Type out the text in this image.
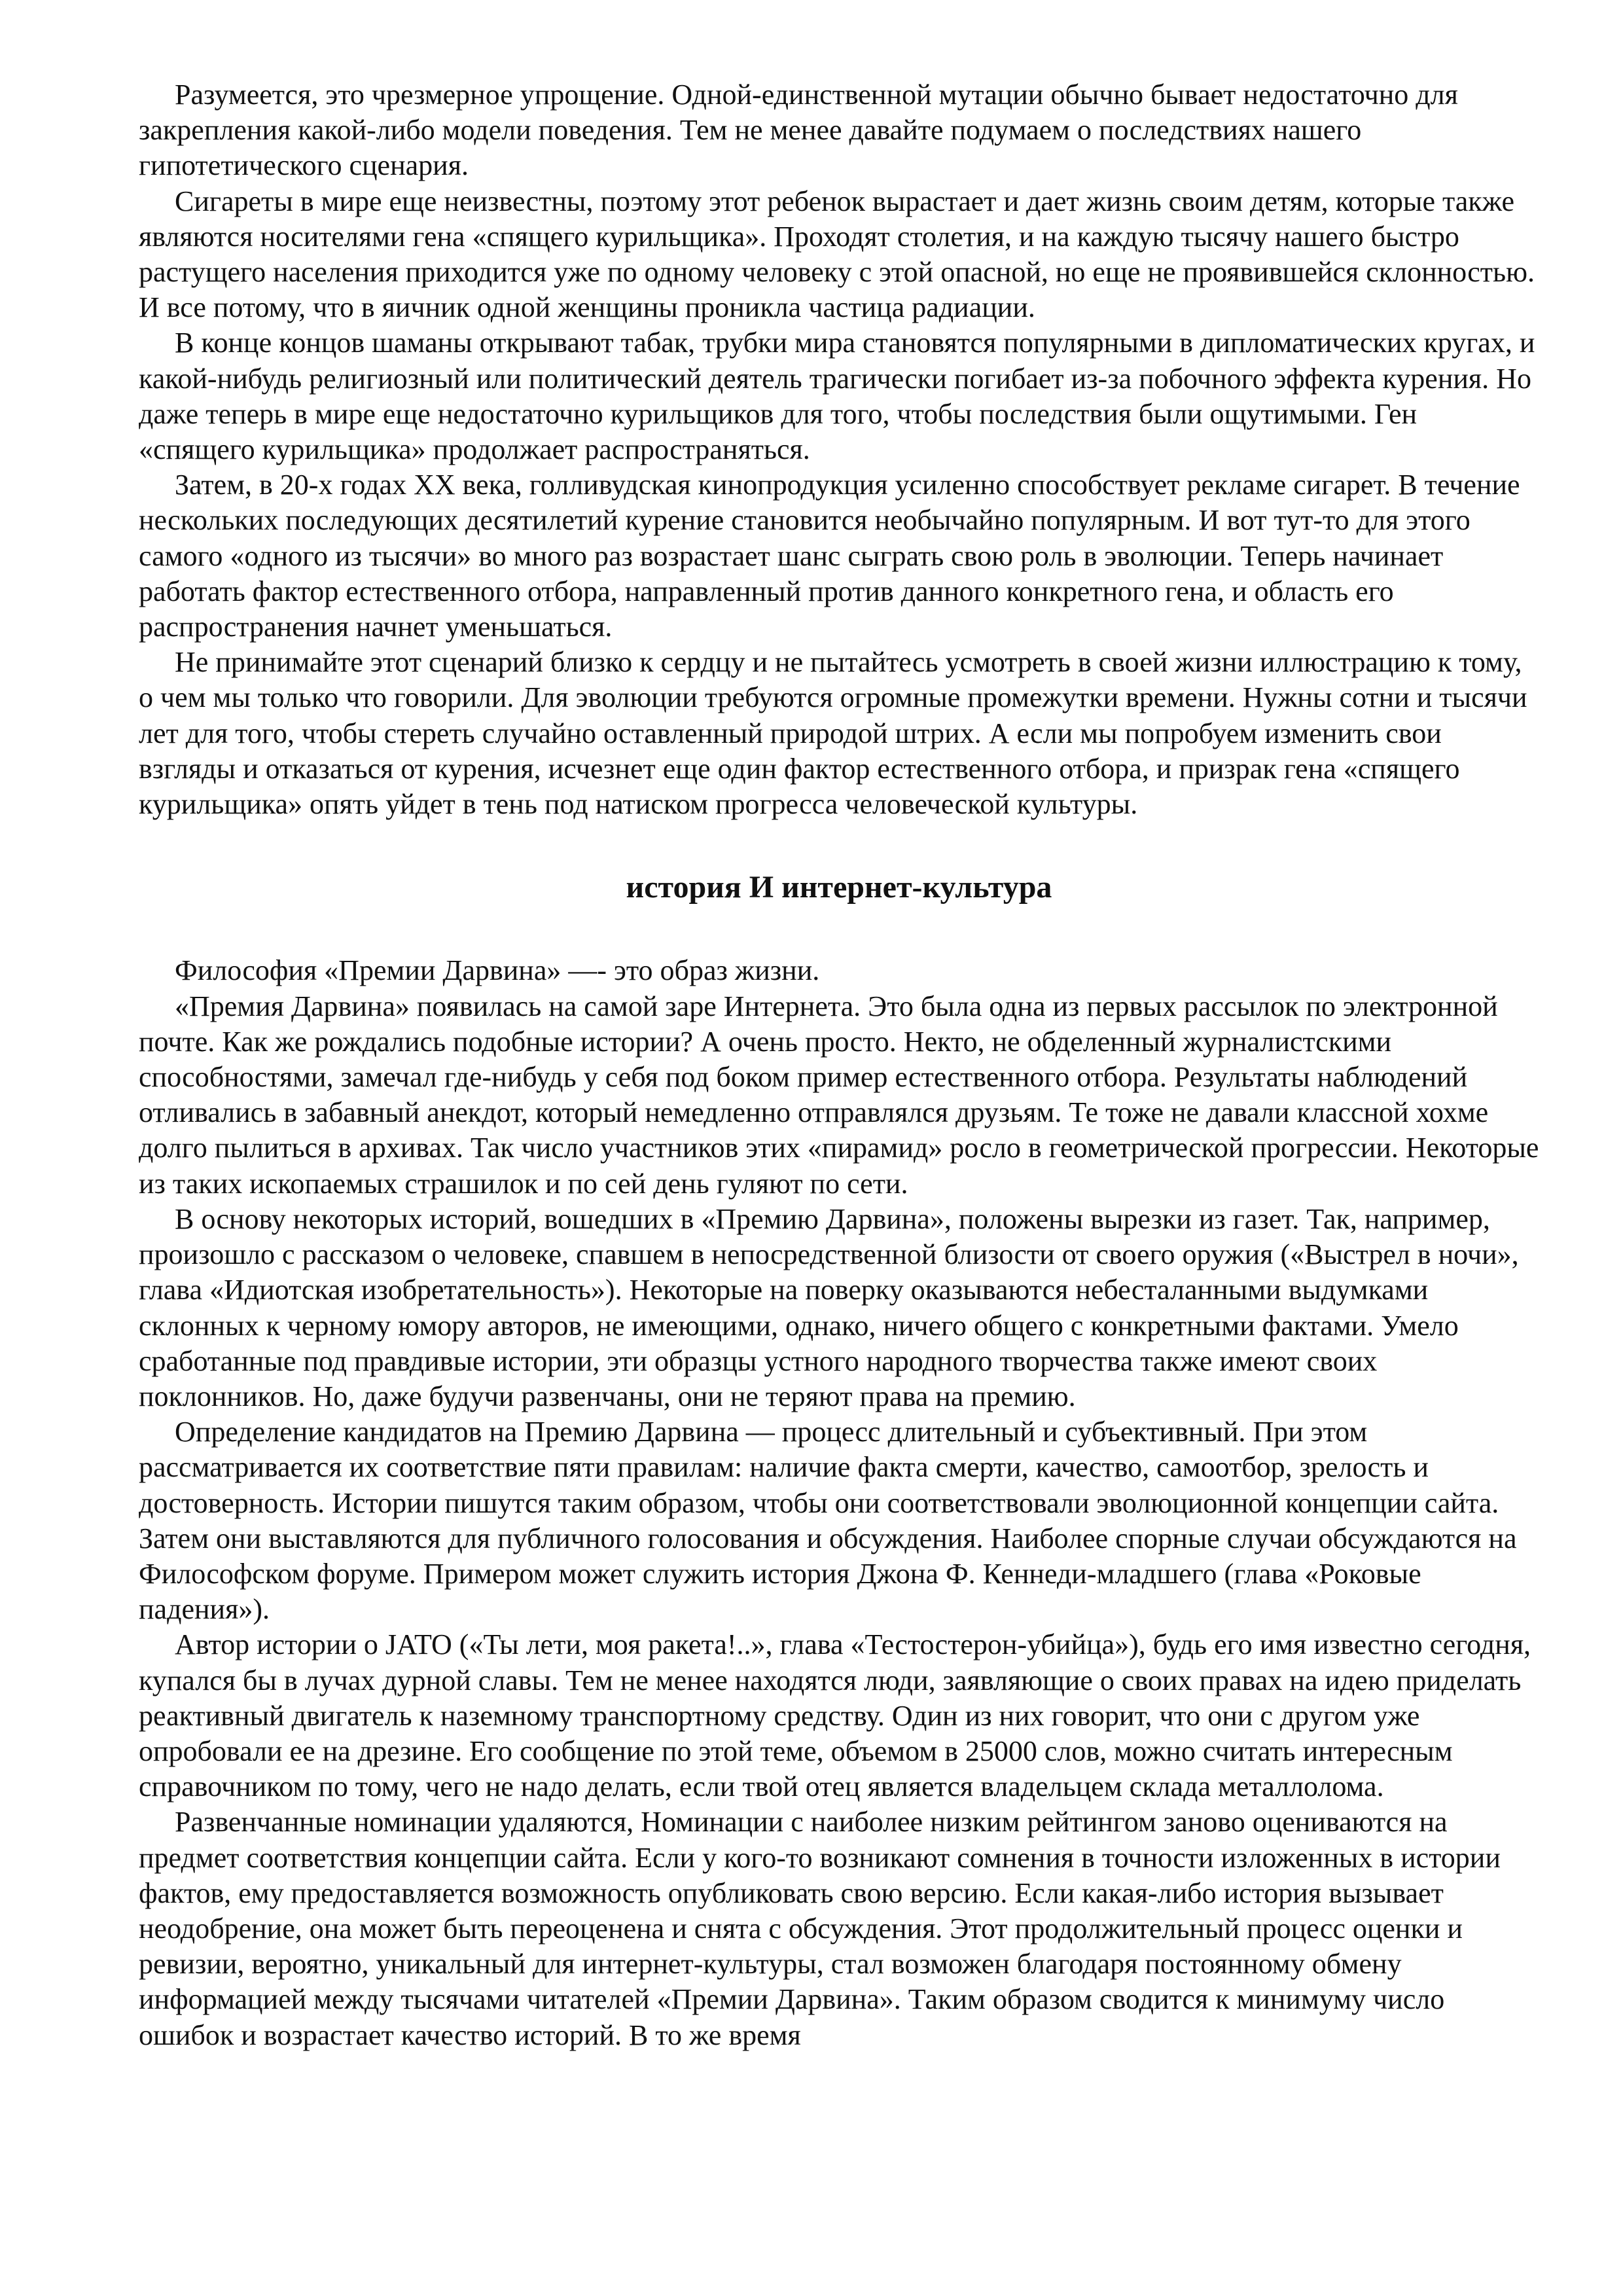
Разумеется, это чрезмерное упрощение. Одной-единственной мутации обычно бывает недостаточно для закрепления какой-либо модели поведения. Тем не менее давайте подумаем о последствиях нашего гипотетического сценария.

Сигареты в мире еще неизвестны, поэтому этот ребенок вырастает и дает жизнь своим детям, которые также являются носителями гена «спящего курильщика». Проходят столетия, и на каждую тысячу нашего быстро растущего населения приходится уже по одному человеку с этой опасной, но еще не проявившейся склонностью. И все потому, что в яичник одной женщины проникла частица радиации.

В конце концов шаманы открывают табак, трубки мира становятся популярными в дипломатических кругах, и какой-нибудь религиозный или политический деятель трагически погибает из-за побочного эффекта курения. Но даже теперь в мире еще недостаточно курильщиков для того, чтобы последствия были ощутимыми. Ген «спящего курильщика» продолжает распространяться.

Затем, в 20-х годах XX века, голливудская кинопродукция усиленно способствует рекламе сигарет. В течение нескольких последующих десятилетий курение становится необычайно популярным. И вот тут-то для этого самого «одного из тысячи» во много раз возрастает шанс сыграть свою роль в эволюции. Теперь начинает работать фактор естественного отбора, направленный против данного конкретного гена, и область его распространения начнет уменьшаться.

Не принимайте этот сценарий близко к сердцу и не пытайтесь усмотреть в своей жизни иллюстрацию к тому, о чем мы только что говорили. Для эволюции требуются огромные промежутки времени. Нужны сотни и тысячи лет для того, чтобы стереть случайно оставленный природой штрих. А если мы попробуем изменить свои взгляды и отказаться от курения, исчезнет еще один фактор естественного отбора, и призрак гена «спящего курильщика» опять уйдет в тень под натиском прогресса человеческой культуры.

история И интернет-культура

Философия «Премии Дарвина» —- это образ жизни.

«Премия Дарвина» появилась на самой заре Интернета. Это была одна из первых рассылок по электронной почте. Как же рождались подобные истории? А очень просто. Некто, не обделенный журналистскими способностями, замечал где-нибудь у себя под боком пример естественного отбора. Результаты наблюдений отливались в забавный анекдот, который немедленно отправлялся друзьям. Те тоже не давали классной хохме долго пылиться в архивах. Так число участников этих «пирамид» росло в геометрической прогрессии. Некоторые из таких ископаемых страшилок и по сей день гуляют по сети.

В основу некоторых историй, вошедших в «Премию Дарвина», положены вырезки из газет. Так, например, произошло с рассказом о человеке, спавшем в непосредственной близости от своего оружия («Выстрел в ночи», глава «Идиотская изобретательность»). Некоторые на поверку оказываются небесталанными выдумками склонных к черному юмору авторов, не имеющими, однако, ничего общего с конкретными фактами. Умело сработанные под правдивые истории, эти образцы устного народного творчества также имеют своих поклонников. Но, даже будучи развенчаны, они не теряют права на премию.

Определение кандидатов на Премию Дарвина — процесс длительный и субъективный. При этом рассматривается их соответствие пяти правилам: наличие факта смерти, качество, самоотбор, зрелость и достоверность. Истории пишутся таким образом, чтобы они соответствовали эволюционной концепции сайта. Затем они выставляются для публичного голосования и обсуждения. Наиболее спорные случаи обсуждаются на Философском форуме. Примером может служить история Джона Ф. Кеннеди-младшего (глава «Роковые падения»).

Автор истории о JATO («Ты лети, моя ракета!..», глава «Тестостерон-убийца»), будь его имя известно сегодня, купался бы в лучах дурной славы. Тем не менее находятся люди, заявляющие о своих правах на идею приделать реактивный двигатель к наземному транспортному средству. Один из них говорит, что они с другом уже опробовали ее на дрезине. Его сообщение по этой теме, объемом в 25000 слов, можно считать интересным справочником по тому, чего не надо делать, если твой отец является владельцем склада металлолома.

Развенчанные номинации удаляются, Номинации с наиболее низким рейтингом заново оцениваются на предмет соответствия концепции сайта. Если у кого-то возникают сомнения в точности изложенных в истории фактов, ему предоставляется возможность опубликовать свою версию. Если какая-либо история вызывает неодобрение, она может быть переоценена и снята с обсуждения. Этот продолжительный процесс оценки и ревизии, вероятно, уникальный для интернет-культуры, стал возможен благодаря постоянному обмену информацией между тысячами читателей «Премии Дарвина». Таким образом сводится к минимуму число ошибок и возрастает качество историй. В то же время
